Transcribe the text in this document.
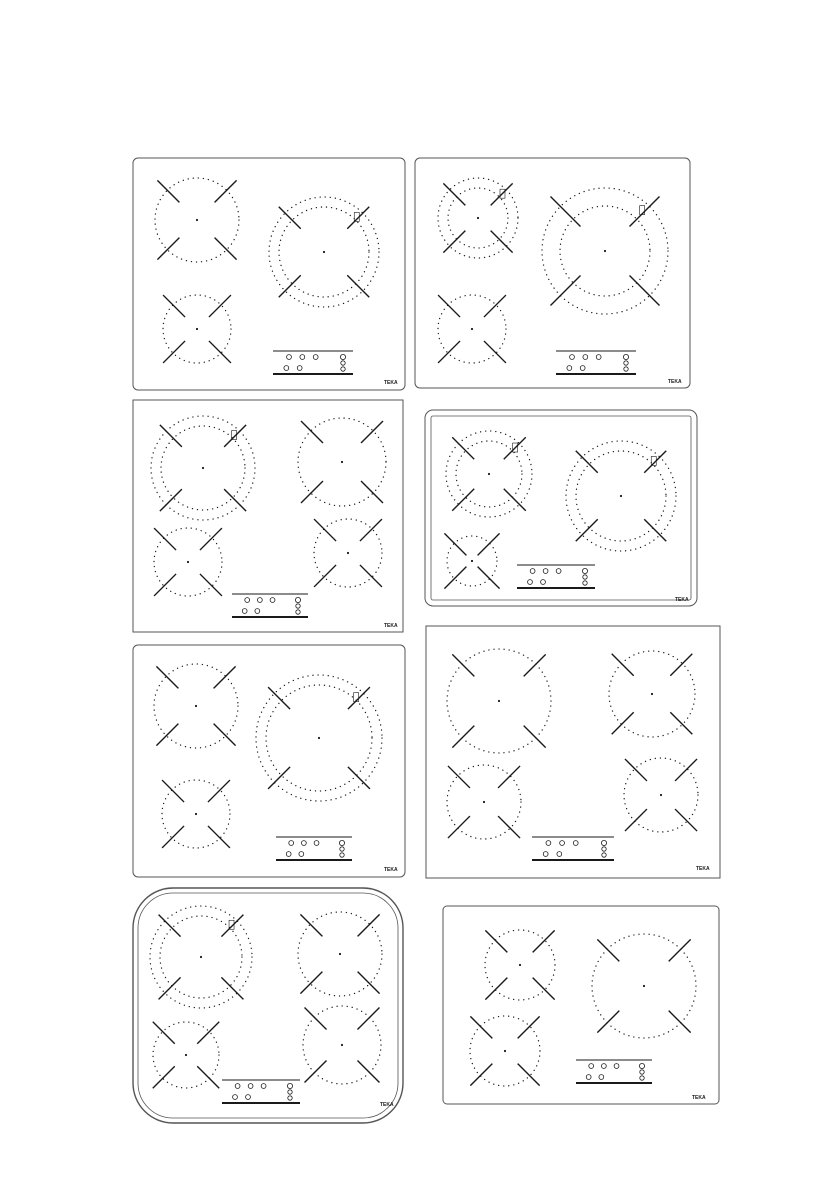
TEKA	TEKA
TEKA
TEKA
TEKA	TEKA
TEKA
TEKA
